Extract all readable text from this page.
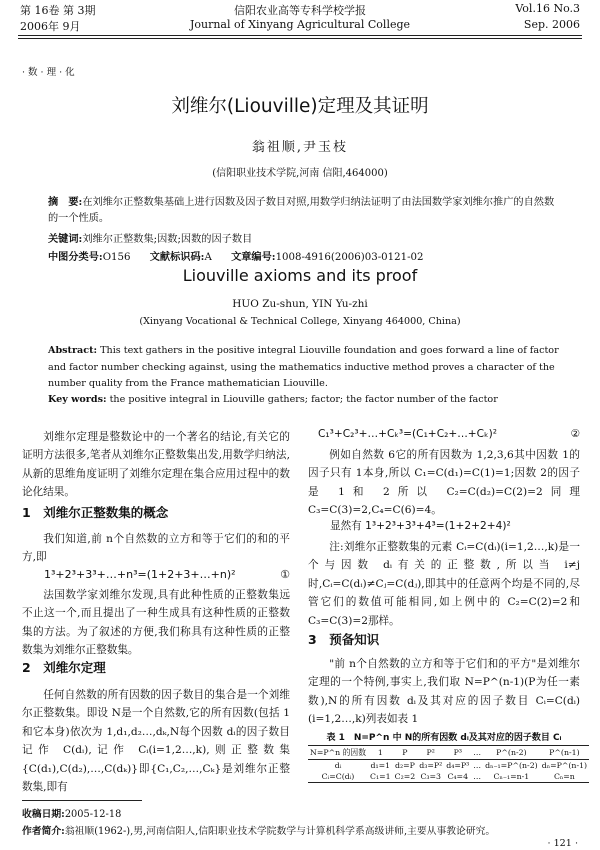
第 16卷 第 3期
2006年 9月
信阳农业高等专科学校学报
Journal of Xinyang Agricultural College
Vol.16 No.3
Sep. 2006
· 数 · 理 · 化
刘维尔(Liouville)定理及其证明
翁祖顺,尹玉枝
(信阳职业技术学院,河南 信阳,464000)
摘　要:在刘维尔正整数集基础上进行因数及因子数目对照,用数学归纳法证明了由法国数学家刘维尔推广的自然数的一个性质。
关键词:刘维尔正整数集;因数;因数的因子数目
中图分类号:O156 文献标识码:A 文章编号:1008-4916(2006)03-0121-02
Liouville axioms and its proof
HUO Zu-shun, YIN Yu-zhi
(Xinyang Vocational & Technical College, Xinyang 464000, China)
Abstract: This text gathers in the positive integral Liouville foundation and goes forward a line of factor and factor number checking against, using the mathematics inductive method proves a character of the number quality from the France mathematician Liouville.
Key words: the positive integral in Liouville gathers; factor; the factor number of the factor
刘维尔定理是整数论中的一个著名的结论,有关它的证明方法很多,笔者从刘维尔正整数集出发,用数学归纳法,从新的思维角度证明了刘维尔定理在集合应用过程中的数论化结果。
1　刘维尔正整数集的概念
我们知道,前 n个自然数的立方和等于它们的和的平方,即
1³+2³+3³+…+n³=(1+2+3+…+n)²	①
法国数学家刘维尔发现,具有此种性质的正整数集远不止这一个,而且提出了一种生成具有这种性质的正整数集的方法。为了叙述的方便,我们称具有这种性质的正整数集为刘维尔正整数集。
2　刘维尔定理
任何自然数的所有因数的因子数目的集合是一个刘维尔正整数集。即设 N是一个自然数,它的所有因数(包括 1和它本身)依次为 1,d₁,d₂…,dₖ,N每个因数 dᵢ的因子数目记作 C(dᵢ),记作 Cᵢ(i=1,2…,k),则正整数集{C(d₁),C(d₂),…,C(dₖ)}即{C₁,C₂,…,Cₖ}是刘维尔正整数集,即有
C₁³+C₂³+…+Cₖ³=(C₁+C₂+…+Cₖ)²	②
例如自然数 6它的所有因数为 1,2,3,6其中因数 1的因子只有 1本身,所以 C₁=C(d₁)=C(1)=1;因数 2的因子是 1和 2所以 C₂=C(d₂)=C(2)=2同理 C₃=C(3)=2,C₄=C(6)=4。
显然有 1³+2³+3³+4³=(1+2+2+4)²
注:刘维尔正整数集的元素 Cᵢ=C(dᵢ)(i=1,2…,k)是一个与因数 dᵢ有关的正整数,所以当 i≠j时,Cᵢ=C(dᵢ)≠Cⱼ=C(dⱼ),即其中的任意两个均是不同的,尽管它们的数值可能相同,如上例中的 C₂=C(2)=2和 C₃=C(3)=2那样。
3　预备知识
"前 n个自然数的立方和等于它们和的平方"是刘维尔定理的一个特例,事实上,我们取 N=P^(n-1)(P为任一素数),N的所有因数 dᵢ及其对应的因子数目 Cᵢ=C(dᵢ)(i=1,2…,k)列表如表 1
表 1　N=P^n 中 N的所有因数 dᵢ及其对应的因子数目 Cᵢ
N=P^n 的因数	1	P	P²	P³	…	P^(n-2)	P^(n-1)
dᵢ	d₁=1	d₂=P	d₃=P²	d₄=P³	…	dₙ₋₁=P^(n-2)	dₙ=P^(n-1)
Cᵢ=C(dᵢ)	C₁=1	C₂=2	C₃=3	C₄=4	…	Cₙ₋₁=n-1	Cₙ=n
收稿日期:2005-12-18
作者简介:翁祖顺(1962-),男,河南信阳人,信阳职业技术学院数学与计算机科学系高级讲师,主要从事教论研究。
· 121 ·
